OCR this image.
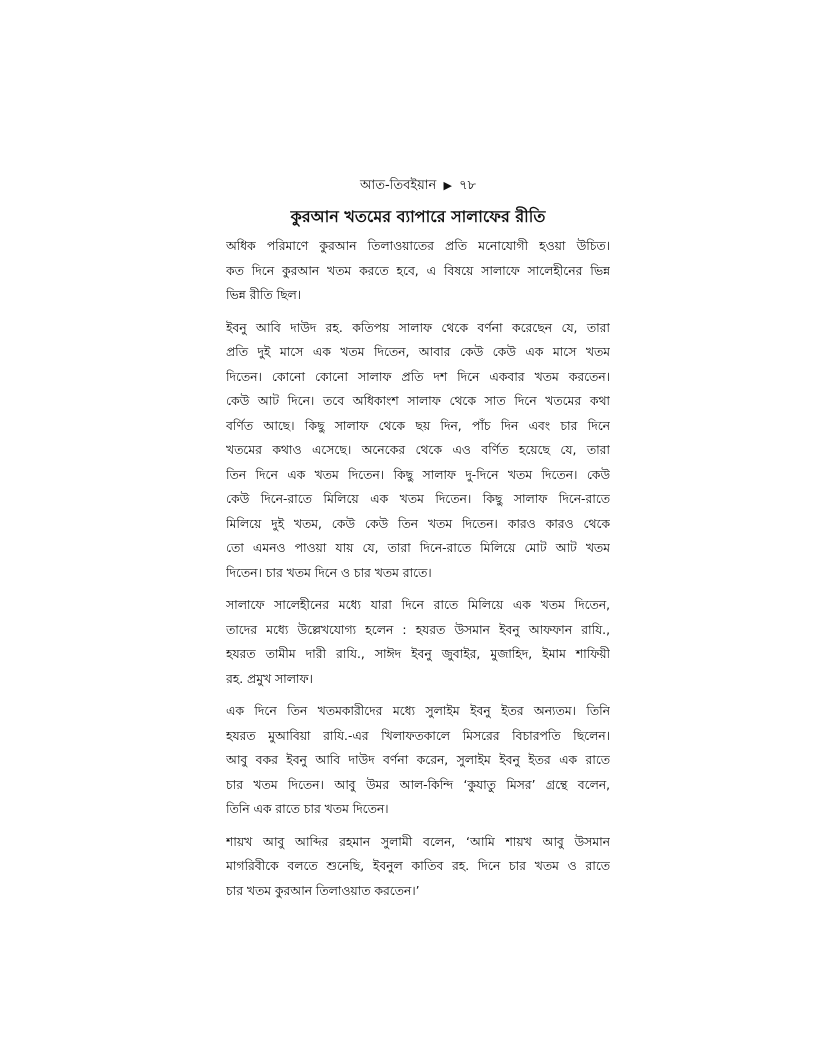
আত-তিবইয়ান ▶ ৭৮
কুরআন খতমের ব্যাপারে সালাফের রীতি

অধিক পরিমাণে কুরআন তিলাওয়াতের প্রতি মনোযোগী হওয়া উচিত।
কত দিনে কুরআন খতম করতে হবে, এ বিষয়ে সালাফে সালেহীনের ভিন্ন
ভিন্ন রীতি ছিল।

ইবনু আবি দাউদ রহ. কতিপয় সালাফ থেকে বর্ণনা করেছেন যে, তারা
প্রতি দুই মাসে এক খতম দিতেন, আবার কেউ কেউ এক মাসে খতম
দিতেন। কোনো কোনো সালাফ প্রতি দশ দিনে একবার খতম করতেন।
কেউ আট দিনে। তবে অধিকাংশ সালাফ থেকে সাত দিনে খতমের কথা
বর্ণিত আছে। কিছু সালাফ থেকে ছয় দিন, পাঁচ দিন এবং চার দিনে
খতমের কথাও এসেছে। অনেকের থেকে এও বর্ণিত হয়েছে যে, তারা
তিন দিনে এক খতম দিতেন। কিছু সালাফ দু-দিনে খতম দিতেন। কেউ
কেউ দিনে-রাতে মিলিয়ে এক খতম দিতেন। কিছু সালাফ দিনে-রাতে
মিলিয়ে দুই খতম, কেউ কেউ তিন খতম দিতেন। কারও কারও থেকে
তো এমনও পাওয়া যায় যে, তারা দিনে-রাতে মিলিয়ে মোট আট খতম
দিতেন। চার খতম দিনে ও চার খতম রাতে।

সালাফে সালেহীনের মধ্যে যারা দিনে রাতে মিলিয়ে এক খতম দিতেন,
তাদের মধ্যে উল্লেখযোগ্য হলেন : হযরত উসমান ইবনু আফফান রাযি.,
হযরত তামীম দারী রাযি., সাঈদ ইবনু জুবাইর, মুজাহিদ, ইমাম শাফিয়ী
রহ. প্রমুখ সালাফ।

এক দিনে তিন খতমকারীদের মধ্যে সুলাইম ইবনু ইতর অন্যতম। তিনি
হযরত মুআবিয়া রাযি.-এর খিলাফতকালে মিসরের বিচারপতি ছিলেন।
আবু বকর ইবনু আবি দাউদ বর্ণনা করেন, সুলাইম ইবনু ইতর এক রাতে
চার খতম দিতেন। আবু উমর আল-কিন্দি ‘কুযাতু মিসর’ গ্রন্থে বলেন,
তিনি এক রাতে চার খতম দিতেন।

শায়খ আবু আব্দির রহমান সুলামী বলেন, ‘আমি শায়খ আবু উসমান
মাগরিবীকে বলতে শুনেছি, ইবনুল কাতিব রহ. দিনে চার খতম ও রাতে
চার খতম কুরআন তিলাওয়াত করতেন।’
